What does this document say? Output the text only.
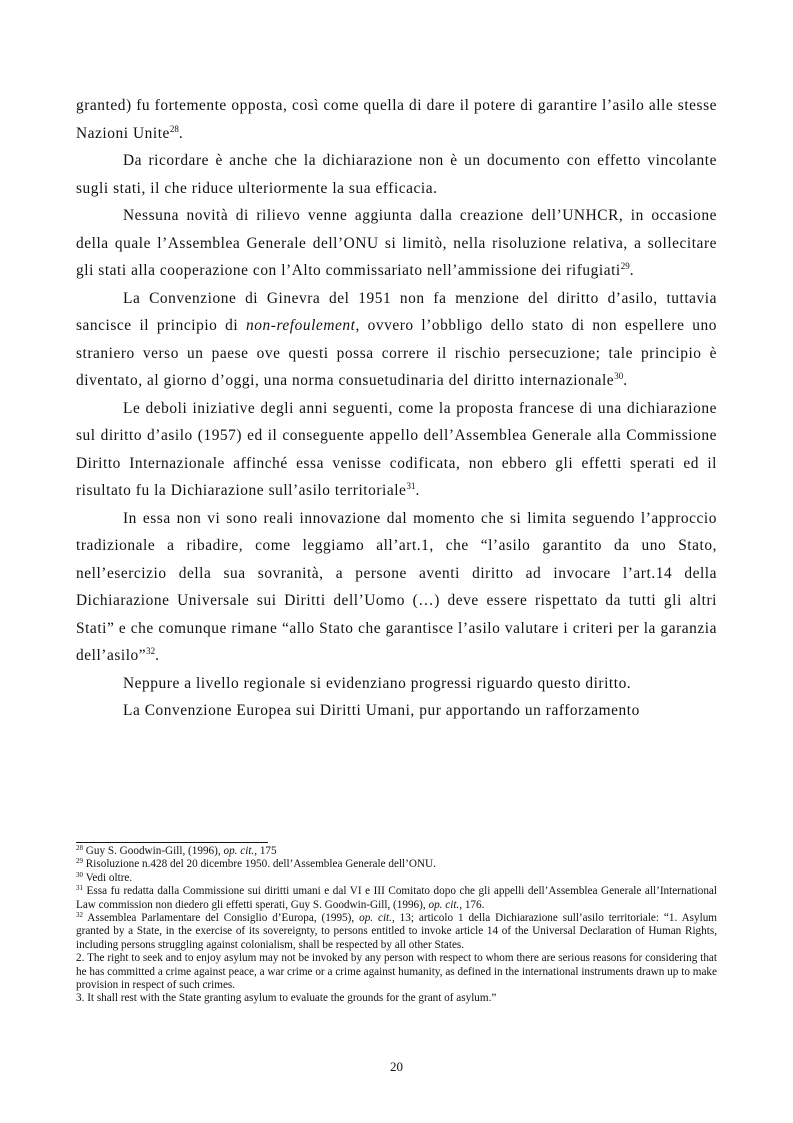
granted) fu fortemente opposta, così come quella di dare il potere di garantire l’asilo alle stesse Nazioni Unite$^{28}$.

Da ricordare è anche che la dichiarazione non è un documento con effetto vincolante sugli stati, il che riduce ulteriormente la sua efficacia.

Nessuna novità di rilievo venne aggiunta dalla creazione dell’UNHCR, in occasione della quale l’Assemblea Generale dell’ONU si limitò, nella risoluzione relativa, a sollecitare gli stati alla cooperazione con l’Alto commissariato nell’ammissione dei rifugiati$^{29}$.

La Convenzione di Ginevra del 1951 non fa menzione del diritto d’asilo, tuttavia sancisce il principio di non-refoulement, ovvero l’obbligo dello stato di non espellere uno straniero verso un paese ove questi possa correre il rischio persecuzione; tale principio è diventato, al giorno d’oggi, una norma consuetudinaria del diritto internazionale$^{30}$.

Le deboli iniziative degli anni seguenti, come la proposta francese di una dichiarazione sul diritto d’asilo (1957) ed il conseguente appello dell’Assemblea Generale alla Commissione Diritto Internazionale affinché essa venisse codificata, non ebbero gli effetti sperati ed il risultato fu la Dichiarazione sull’asilo territoriale$^{31}$.

In essa non vi sono reali innovazione dal momento che si limita seguendo l’approccio tradizionale a ribadire, come leggiamo all’art.1, che “l’asilo garantito da uno Stato, nell’esercizio della sua sovranità, a persone aventi diritto ad invocare l’art.14 della Dichiarazione Universale sui Diritti dell’Uomo (…) deve essere rispettato da tutti gli altri Stati” e che comunque rimane “allo Stato che garantisce l’asilo valutare i criteri per la garanzia dell’asilo”$^{32}$.

Neppure a livello regionale si evidenziano progressi riguardo questo diritto.

La Convenzione Europea sui Diritti Umani, pur apportando un rafforzamento

$^{28}$ Guy S. Goodwin-Gill, (1996), op. cit., 175

$^{29}$ Risoluzione n.428 del 20 dicembre 1950. dell’Assemblea Generale dell’ONU.

$^{30}$ Vedi oltre.

$^{31}$ Essa fu redatta dalla Commissione sui diritti umani e dal VI e III Comitato dopo che gli appelli dell’Assemblea Generale all’International Law commission non diedero gli effetti sperati, Guy S. Goodwin-Gill, (1996), op. cit., 176.

$^{32}$ Assemblea Parlamentare del Consiglio d’Europa, (1995), op. cit., 13; articolo 1 della Dichiarazione sull’asilo territoriale: “1. Asylum granted by a State, in the exercise of its sovereignty, to persons entitled to invoke article 14 of the Universal Declaration of Human Rights, including persons struggling against colonialism, shall be respected by all other States.

2. The right to seek and to enjoy asylum may not be invoked by any person with respect to whom there are serious reasons for considering that he has committed a crime against peace, a war crime or a crime against humanity, as defined in the international instruments drawn up to make provision in respect of such crimes.

3. It shall rest with the State granting asylum to evaluate the grounds for the grant of asylum.”

20
